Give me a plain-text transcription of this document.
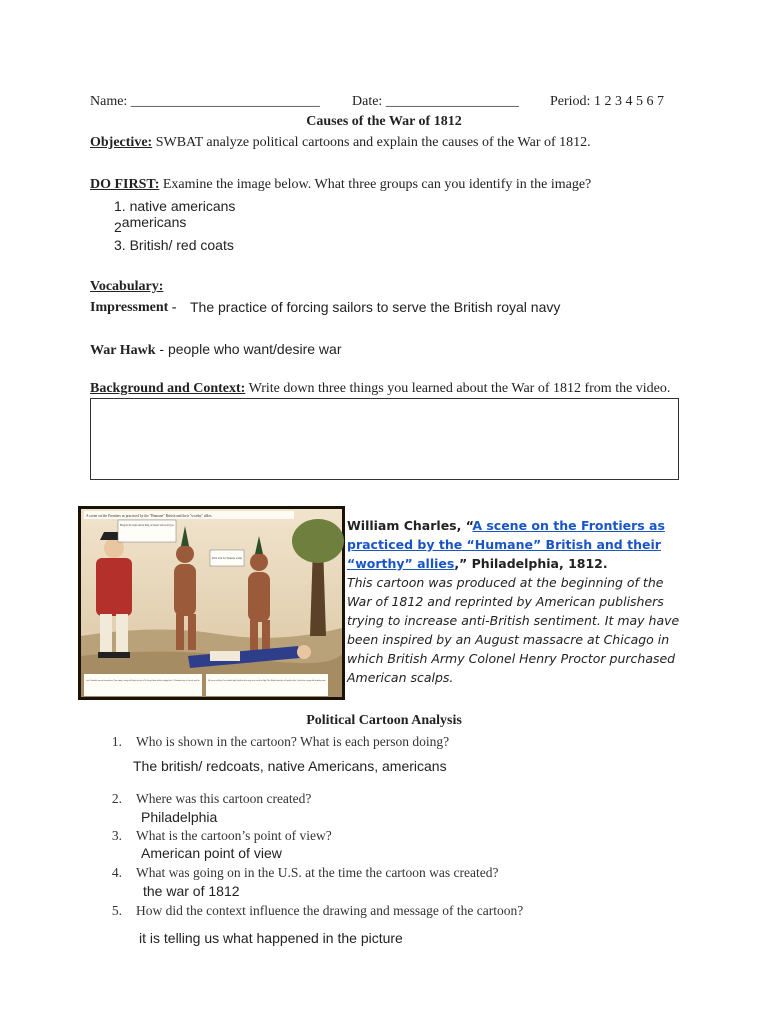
Name: ___________________________ Date: ___________________ Period: 1 2 3 4 5 6 7
Causes of the War of 1812
Objective: SWBAT analyze political cartoons and explain the causes of the War of 1812.
DO FIRST: Examine the image below. What three groups can you identify in the image?
1. native americans
2americans
3. British/ red coats
Vocabulary:
Impressment - The practice of forcing sailors to serve the British royal navy
War Hawk - people who want/desire war
Background and Context: Write down three things you learned about the War of 1812 from the video.
A scene on the Frontiers as practiced by the "Humane" British and their "worthy" allies.
Bring me the scalps and the King our master will reward you.
Dont wait for Yankees scalps
Arise Columbia's sons and forward press, Your country's wrongs call loudly for redress; The Savage Indian with his scalping knife, Or Tomahawk may seek to take your life;	By bravery aw'd they'll in a dreadful fright, Shrink back for refuge to the woods in flight; Their British leaders then will quickly shake, And for those wrongs shall restitution make.
William Charles, “A scene on the Frontiers as practiced by the “Humane” British and their “worthy” allies,” Philadelphia, 1812.
This cartoon was produced at the beginning of the War of 1812 and reprinted by American publishers trying to increase anti-British sentiment. It may have been inspired by an August massacre at Chicago in which British Army Colonel Henry Proctor purchased American scalps.
Political Cartoon Analysis
1. Who is shown in the cartoon? What is each person doing?
The british/ redcoats, native Americans, americans
2. Where was this cartoon created?
Philadelphia
3. What is the cartoon’s point of view?
American point of view
4. What was going on in the U.S. at the time the cartoon was created?
the war of 1812
5. How did the context influence the drawing and message of the cartoon?
it is telling us what happened in the picture
